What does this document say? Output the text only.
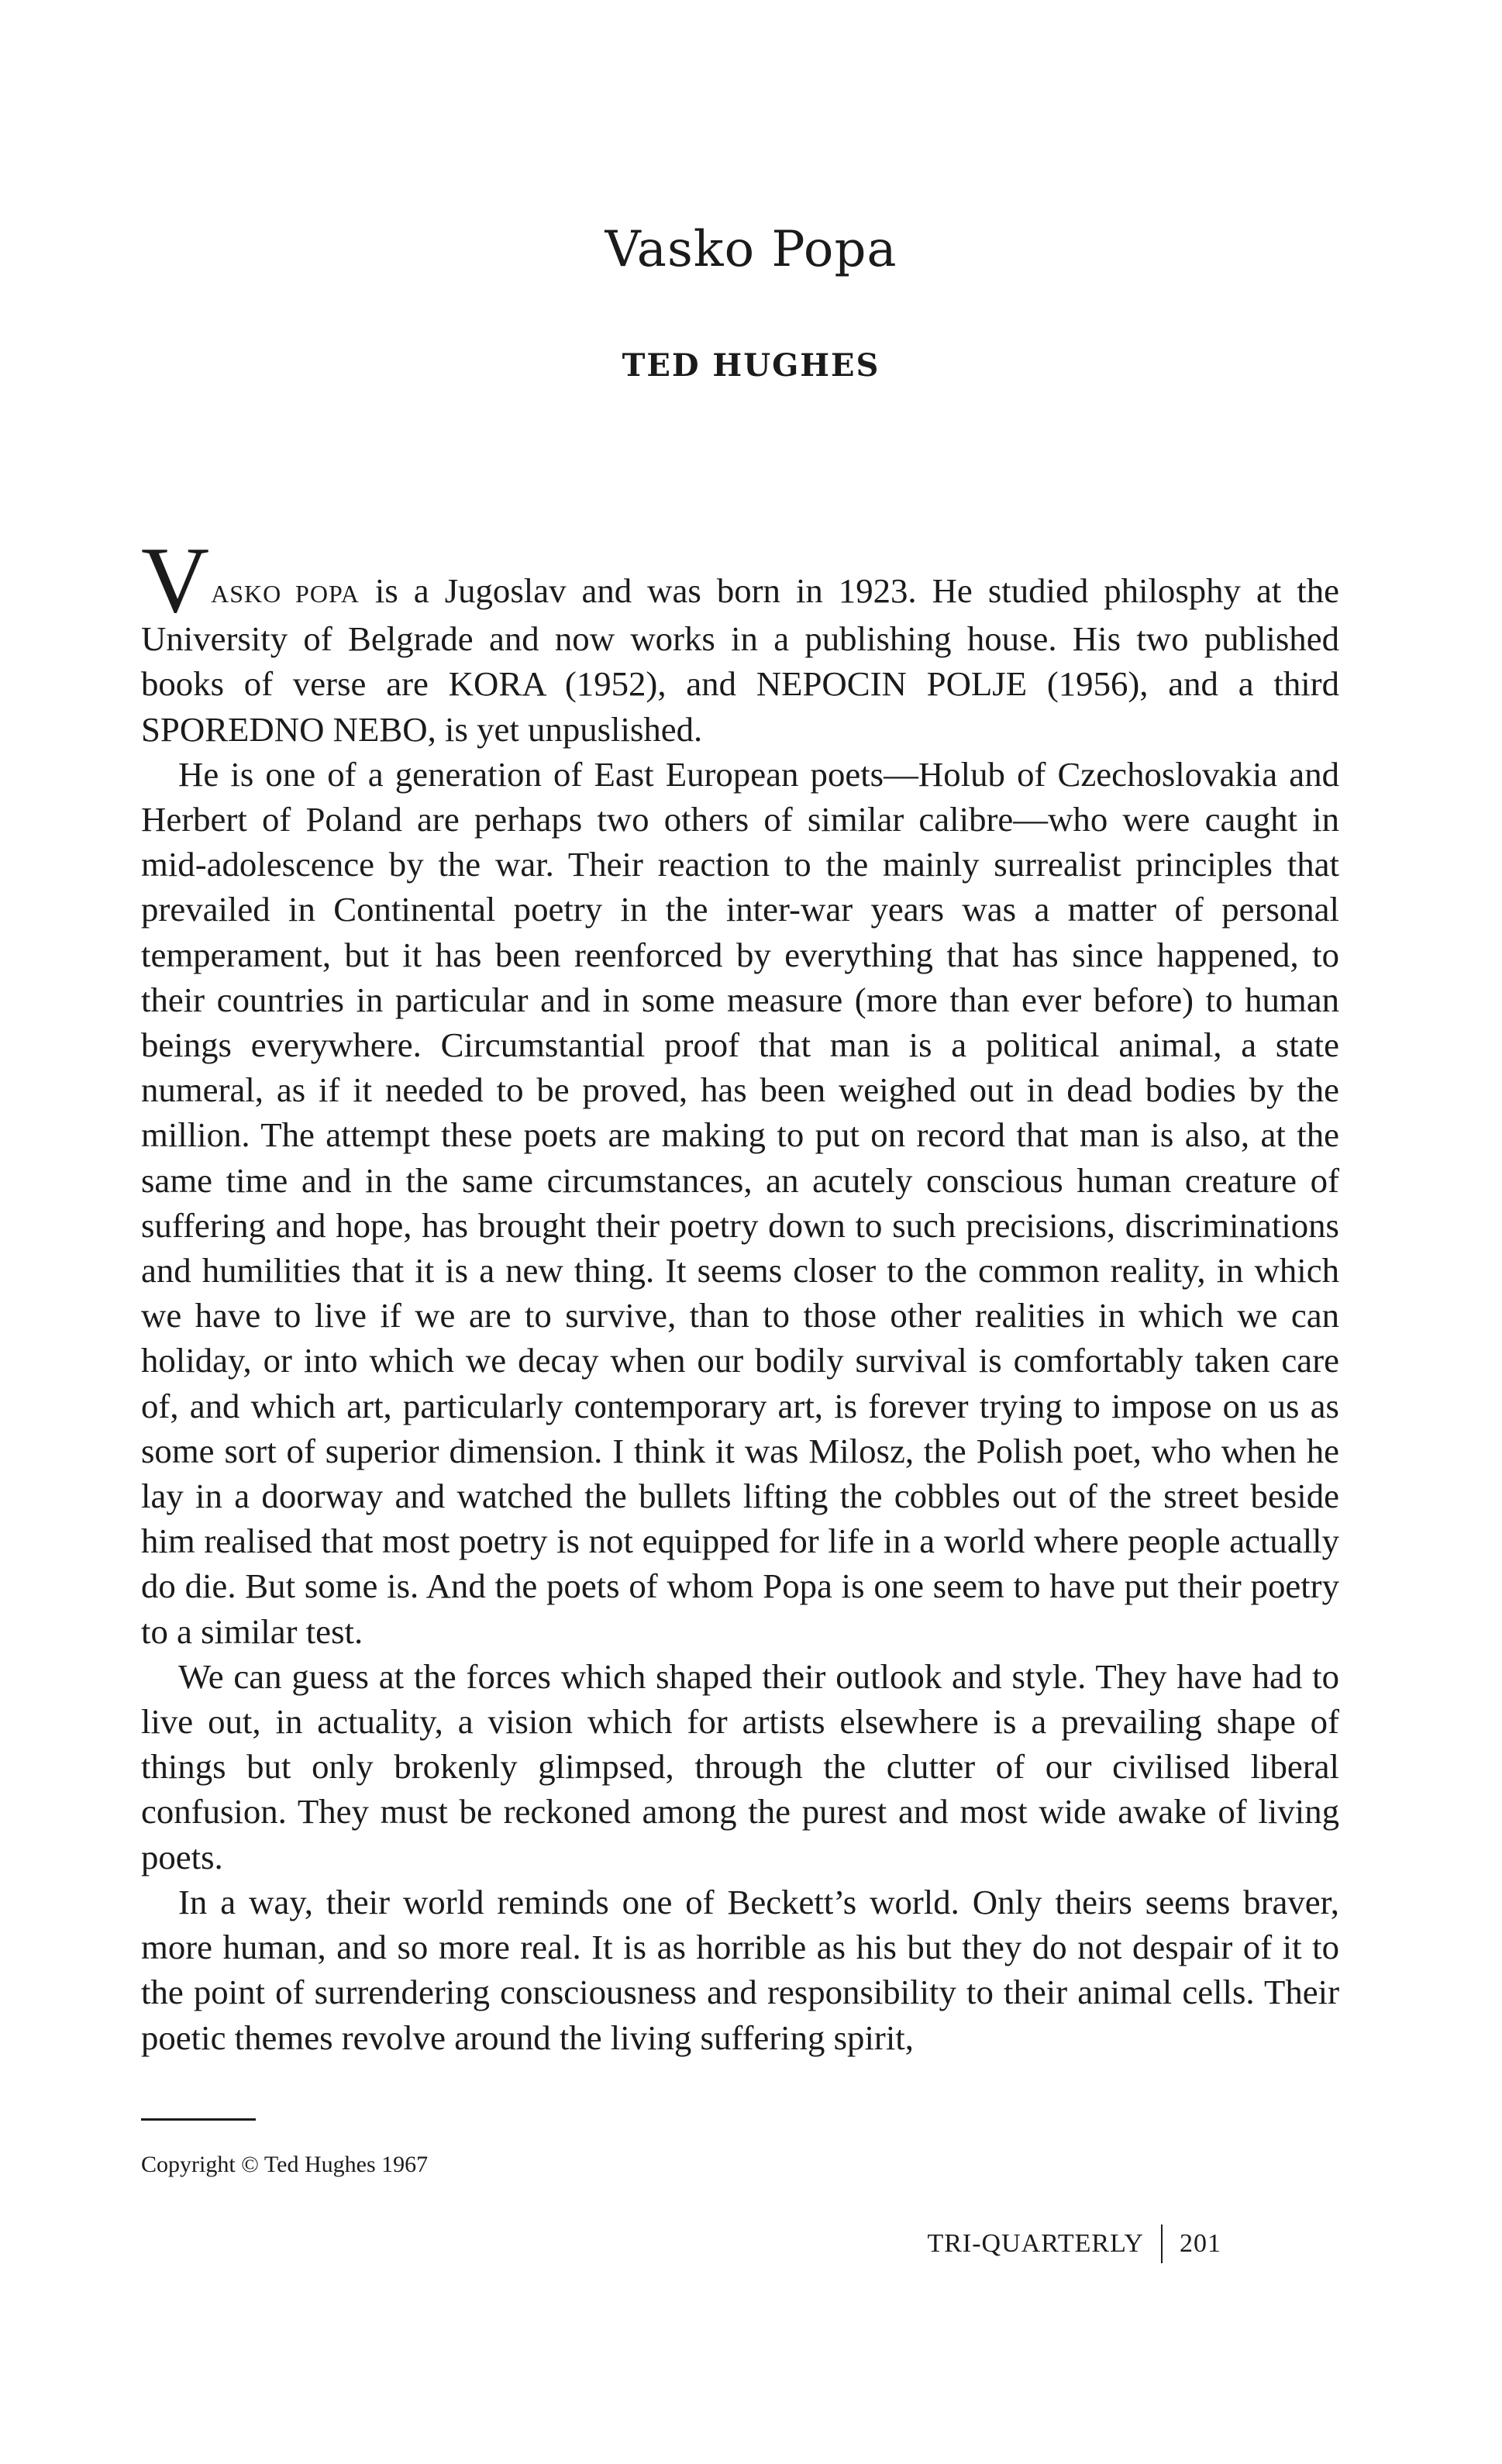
Vasko Popa
TED HUGHES

VASKO POPA is a Jugoslav and was born in 1923. He studied philosphy at the University of Belgrade and now works in a publishing house. His two published books of verse are KORA (1952), and NEPOCIN POLJE (1956), and a third SPOREDNO NEBO, is yet unpuslished.

He is one of a generation of East European poets—Holub of Czechoslovakia and Herbert of Poland are perhaps two others of similar calibre—who were caught in mid-adolescence by the war. Their reaction to the mainly surrealist principles that prevailed in Continental poetry in the inter-war years was a matter of personal temperament, but it has been reenforced by everything that has since happened, to their countries in particular and in some measure (more than ever before) to human beings everywhere. Circumstantial proof that man is a political animal, a state numeral, as if it needed to be proved, has been weighed out in dead bodies by the million. The attempt these poets are making to put on record that man is also, at the same time and in the same circumstances, an acutely conscious human creature of suffering and hope, has brought their poetry down to such precisions, discriminations and humilities that it is a new thing. It seems closer to the common reality, in which we have to live if we are to survive, than to those other realities in which we can holiday, or into which we decay when our bodily survival is comfortably taken care of, and which art, particularly contemporary art, is forever trying to impose on us as some sort of superior dimension. I think it was Milosz, the Polish poet, who when he lay in a doorway and watched the bullets lifting the cobbles out of the street beside him realised that most poetry is not equipped for life in a world where people actually do die. But some is. And the poets of whom Popa is one seem to have put their poetry to a similar test.

We can guess at the forces which shaped their outlook and style. They have had to live out, in actuality, a vision which for artists elsewhere is a prevailing shape of things but only brokenly glimpsed, through the clutter of our civilised liberal confusion. They must be reckoned among the purest and most wide awake of living poets.

In a way, their world reminds one of Beckett’s world. Only theirs seems braver, more human, and so more real. It is as horrible as his but they do not despair of it to the point of surrendering consciousness and responsibility to their animal cells. Their poetic themes revolve around the living suffering spirit,

Copyright © Ted Hughes 1967
TRI-QUARTERLY 201
